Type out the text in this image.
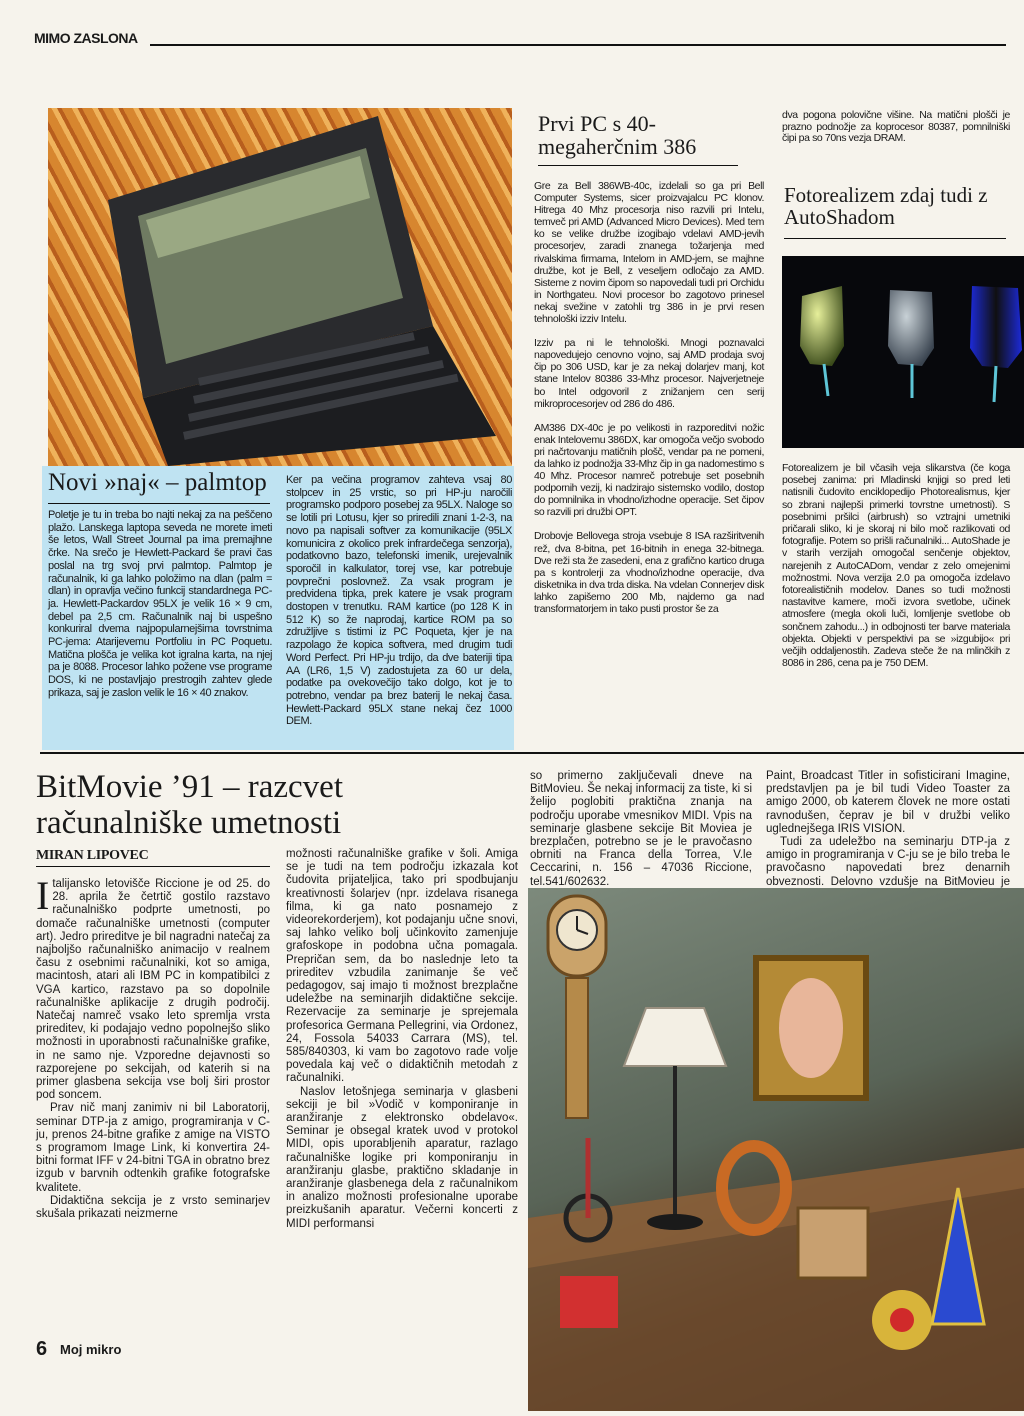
MIMO ZASLONA
Novi »naj« – palmtop

Poletje je tu in treba bo najti nekaj za na peščeno plažo. Lanskega laptopa seveda ne morete imeti še letos, Wall Street Journal pa ima premajhne črke. Na srečo je Hewlett-Packard še pravi čas poslal na trg svoj prvi palmtop. Palmtop je računalnik, ki ga lahko položimo na dlan (palm = dlan) in opravlja večino funkcij standardnega PC-ja. Hewlett-Packardov 95LX je velik 16 × 9 cm, debel pa 2,5 cm. Računalnik naj bi uspešno konkuriral dvema najpopularnejšima tovrstnima PC-jema: Atarijevemu Portfoliu in PC Poquetu. Matična plošča je velika kot igralna karta, na njej pa je 8088. Procesor lahko požene vse programe DOS, ki ne postavljajo prestrogih zahtev glede prikaza, saj je zaslon velik le 16 × 40 znakov.

Ker pa večina programov zahteva vsaj 80 stolpcev in 25 vrstic, so pri HP-ju naročili programsko podporo posebej za 95LX. Naloge so se lotili pri Lotusu, kjer so priredili znani 1-2-3, na novo pa napisali softver za komunikacije (95LX komunicira z okolico prek infrardečega senzorja), podatkovno bazo, telefonski imenik, urejevalnik sporočil in kalkulator, torej vse, kar potrebuje povprečni poslovnež. Za vsak program je predvidena tipka, prek katere je vsak program dostopen v trenutku. RAM kartice (po 128 K in 512 K) so že naprodaj, kartice ROM pa so združljive s tistimi iz PC Poqueta, kjer je na razpolago že kopica softvera, med drugim tudi Word Perfect. Pri HP-ju trdijo, da dve bateriji tipa AA (LR6, 1,5 V) zadostujeta za 60 ur dela, podatke pa ovekovečijo tako dolgo, kot je to potrebno, vendar pa brez baterij le nekaj časa. Hewlett-Packard 95LX stane nekaj čez 1000 DEM.

Prvi PC s 40-megaherčnim 386

Gre za Bell 386WB-40c, izdelali so ga pri Bell Computer Systems, sicer proizvajalcu PC klonov. Hitrega 40 Mhz procesorja niso razvili pri Intelu, temveč pri AMD (Advanced Micro Devices). Med tem ko se velike družbe izogibajo vdelavi AMD-jevih procesorjev, zaradi znanega tožarjenja med rivalskima firmama, Intelom in AMD-jem, se majhne družbe, kot je Bell, z veseljem odločajo za AMD. Sisteme z novim čipom so napovedali tudi pri Orchidu in Northgateu. Novi procesor bo zagotovo prinesel nekaj svežine v zatohli trg 386 in je prvi resen tehnološki izziv Intelu.

Izziv pa ni le tehnološki. Mnogi poznavalci napovedujejo cenovno vojno, saj AMD prodaja svoj čip po 306 USD, kar je za nekaj dolarjev manj, kot stane Intelov 80386 33-Mhz procesor. Najverjetneje bo Intel odgovoril z znižanjem cen serij mikroprocesorjev od 286 do 486.

AM386 DX-40c je po velikosti in razporeditvi nožic enak Intelovemu 386DX, kar omogoča večjo svobodo pri načrtovanju matičnih plošč, vendar pa ne pomeni, da lahko iz podnožja 33-Mhz čip in ga nadomestimo s 40 Mhz. Procesor namreč potrebuje set posebnih podpornih vezij, ki nadzirajo sistemsko vodilo, dostop do pomnilnika in vhodno/izhodne operacije. Set čipov so razvili pri družbi OPT.

Drobovje Bellovega stroja vsebuje 8 ISA razširitvenih rež, dva 8-bitna, pet 16-bitnih in enega 32-bitnega. Dve reži sta že zasedeni, ena z grafično kartico druga pa s kontrolerji za vhodno/izhodne operacije, dva disketnika in dva trda diska. Na vdelan Connerjev disk lahko zapišemo 200 Mb, najdemo ga nad transformatorjem in tako pusti prostor še za

dva pogona polovične višine. Na matični plošči je prazno podnožje za koprocesor 80387, pomnilniški čipi pa so 70ns vezja DRAM.

Fotorealizem zdaj tudi z AutoShadom

Fotorealizem je bil včasih veja slikarstva (če koga posebej zanima: pri Mladinski knjigi so pred leti natisnili čudovito enciklopedijo Photorealismus, kjer so zbrani najlepši primerki tovrstne umetnosti). S posebnimi pršilci (airbrush) so vztrajni umetniki pričarali sliko, ki je skoraj ni bilo moč razlikovati od fotografije. Potem so prišli računalniki... AutoShade je v starih verzijah omogočal senčenje objektov, narejenih z AutoCADom, vendar z zelo omejenimi možnostmi. Nova verzija 2.0 pa omogoča izdelavo fotorealističnih modelov. Danes so tudi možnosti nastavitve kamere, moči izvora svetlobe, učinek atmosfere (megla okoli luči, lomljenje svetlobe ob sončnem zahodu...) in odbojnosti ter barve materiala objekta. Objekti v perspektivi pa se »izgubijo« pri večjih oddaljenostih. Zadeva steče že na mlinčkih z 8086 in 286, cena pa je 750 DEM.

BitMovie ’91 – razcvet
računalniške umetnosti
MIRAN LIPOVEC
I talijansko letovišče Riccione je od 25. do 28. aprila že četrtič gostilo razstavo računalniško podprte umetnosti, po domače računalniške umetnosti (computer art). Jedro prireditve je bil nagradni natečaj za najboljšo računalniško animacijo v realnem času z osebnimi računalniki, kot so amiga, macintosh, atari ali IBM PC in kompatibilci z VGA kartico, razstavo pa so dopolnile računalniške aplikacije z drugih področij. Natečaj namreč vsako leto spremlja vrsta prireditev, ki podajajo vedno popolnejšo sliko možnosti in uporabnosti računalniške grafike, in ne samo nje. Vzporedne dejavnosti so razporejene po sekcijah, od katerih si na primer glasbena sekcija vse bolj širi prostor pod soncem.

Prav nič manj zanimiv ni bil Laboratorij, seminar DTP-ja z amigo, programiranja v C-ju, prenos 24-bitne grafike z amige na VISTO s programom Image Link, ki konvertira 24-bitni format IFF v 24-bitni TGA in obratno brez izgub v barvnih odtenkih grafike fotografske kvalitete.

Didaktična sekcija je z vrsto seminarjev skušala prikazati neizmerne

možnosti računalniške grafike v šoli. Amiga se je tudi na tem področju izkazala kot čudovita prijateljica, tako pri spodbujanju kreativnosti šolarjev (npr. izdelava risanega filma, ki ga nato posnamejo z videorekorderjem), kot podajanju učne snovi, saj lahko veliko bolj učinkovito zamenjuje grafoskope in podobna učna pomagala. Prepričan sem, da bo naslednje leto ta prireditev vzbudila zanimanje še več pedagogov, saj imajo ti možnost brezplačne udeležbe na seminarjih didaktične sekcije. Rezervacije za seminarje je sprejemala profesorica Germana Pellegrini, via Ordonez, 24, Fossola 54033 Carrara (MS), tel. 585/840303, ki vam bo zagotovo rade volje povedala kaj več o didaktičnih metodah z računalniki.

Naslov letošnjega seminarja v glasbeni sekciji je bil »Vodič v komponiranje in aranžiranje z elektronsko obdelavo«. Seminar je obsegal kratek uvod v protokol MIDI, opis uporabljenih aparatur, razlago računalniške logike pri komponiranju in aranžiranju glasbe, praktično skladanje in aranžiranje glasbenega dela z računalnikom in analizo možnosti profesionalne uporabe preizkušanih aparatur. Večerni koncerti z MIDI performansi

so primerno zaključevali dneve na BitMovieu. Še nekaj informacij za tiste, ki si želijo poglobiti praktična znanja na področju uporabe vmesnikov MIDI. Vpis na seminarje glasbene sekcije Bit Moviea je brezplačen, potrebno se je le pravočasno obrniti na Franca della Torrea, V.le Ceccarini, n. 156 – 47036 Riccione, tel.541/602632.

Paint, Broadcast Titler in sofisticirani Imagine, predstavljen pa je bil tudi Video Toaster za amigo 2000, ob katerem človek ne more ostati ravnodušen, čeprav je bil v družbi veliko uglednejšega IRIS VISION.

Tudi za udeležbo na seminarju DTP-ja z amigo in programiranja v C-ju se je bilo treba le pravočasno napovedati brez denarnih obveznosti. Delovno vzdušje na BitMovieu je

6 Moj mikro
